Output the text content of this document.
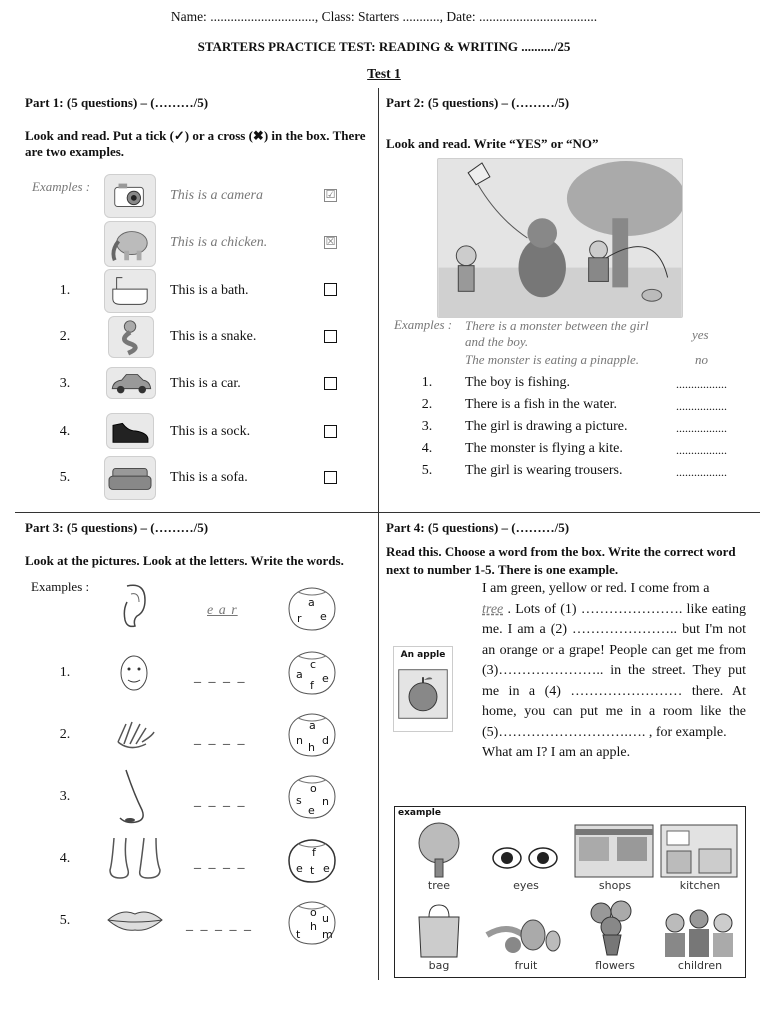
Name: ..............................., Class: Starters ..........., Date: ...................................
STARTERS PRACTICE TEST: READING & WRITING ........../25
Test 1
Part 1: (5 questions) – (………/5)
Look and read. Put a tick (✓) or a cross (✖) in the box. There are two examples.
Examples :
This is a camera	☑
This is a chicken.	☒
1.	This is a bath.
2.	This is a snake.
3.	This is a car.
4.	This is a sock.
5.	This is a sofa.
Part 2: (5 questions) – (………/5)
Look and read. Write “YES” or “NO”
Examples : There is a monster between the girl and the boy.	yes
The monster is eating a pinapple.	no
1.	The boy is fishing.	.................
2.	There is a fish in the water.	.................
3.	The girl is drawing a picture.	.................
4.	The monster is flying a kite.	.................
5.	The girl is wearing trousers.	.................
Part 3: (5 questions) – (………/5)
Look at the pictures. Look at the letters. Write the words.
Examples :
e a r
a
r e
1.	_ _ _ _	a
c
e
f
2.	_ _ _ _
a
n d
h
3.	_ _ _ _
o
s n
e
4.	_ _ _ _
f
e t e
5.	_ _ _ _ _
o u
h
t m
Part 4: (5 questions) – (………/5)
Read this. Choose a word from the box. Write the correct word next to number 1-5. There is one example.
An apple
I am green, yellow or red. I come from a
tree . Lots of (1) …………………. like eating me. I am a (2) ………………….. but I'm not an orange or a grape! People can get me from (3)………………….. in the street. They put me in a (4) …………………… there. At home, you can put me in a room like the (5)……………………….…. , for example.
What am I? I am an apple.
example
tree	eyes	shops	kitchen
bag	fruit	flowers	children
